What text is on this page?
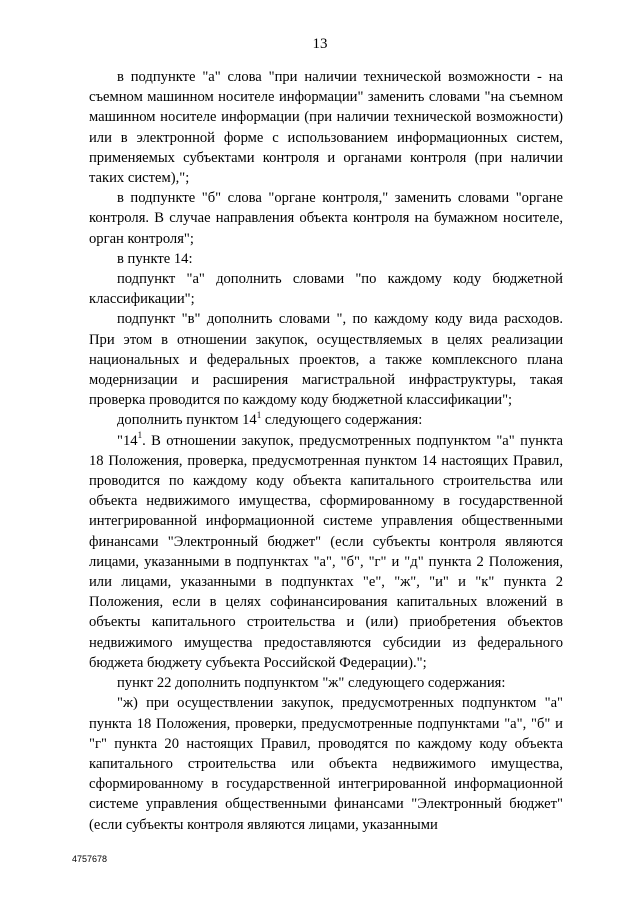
13

в подпункте "а" слова "при наличии технической возможности - на съемном машинном носителе информации" заменить словами "на съемном машинном носителе информации (при наличии технической возможности) или в электронной форме с использованием информационных систем, применяемых субъектами контроля и органами контроля (при наличии таких систем),";

в подпункте "б" слова "органе контроля," заменить словами "органе контроля. В случае направления объекта контроля на бумажном носителе, орган контроля";

в пункте 14:

подпункт "а" дополнить словами "по каждому коду бюджетной классификации";

подпункт "в" дополнить словами ", по каждому коду вида расходов. При этом в отношении закупок, осуществляемых в целях реализации национальных и федеральных проектов, а также комплексного плана модернизации и расширения магистральной инфраструктуры, такая проверка проводится по каждому коду бюджетной классификации";

дополнить пунктом $14^1$ следующего содержания:

"$14^1$. В отношении закупок, предусмотренных подпунктом "а" пункта 18 Положения, проверка, предусмотренная пунктом 14 настоящих Правил, проводится по каждому коду объекта капитального строительства или объекта недвижимого имущества, сформированному в государственной интегрированной информационной системе управления общественными финансами "Электронный бюджет" (если субъекты контроля являются лицами, указанными в подпунктах "а", "б", "г" и "д" пункта 2 Положения, или лицами, указанными в подпунктах "е", "ж", "и" и "к" пункта 2 Положения, если в целях софинансирования капитальных вложений в объекты капитального строительства и (или) приобретения объектов недвижимого имущества предоставляются субсидии из федерального бюджета бюджету субъекта Российской Федерации).";

пункт 22 дополнить подпунктом "ж" следующего содержания:

"ж) при осуществлении закупок, предусмотренных подпунктом "а" пункта 18 Положения, проверки, предусмотренные подпунктами "а", "б" и "г" пункта 20 настоящих Правил, проводятся по каждому коду объекта капитального строительства или объекта недвижимого имущества, сформированному в государственной интегрированной информационной системе управления общественными финансами "Электронный бюджет" (если субъекты контроля являются лицами, указанными

4757678
